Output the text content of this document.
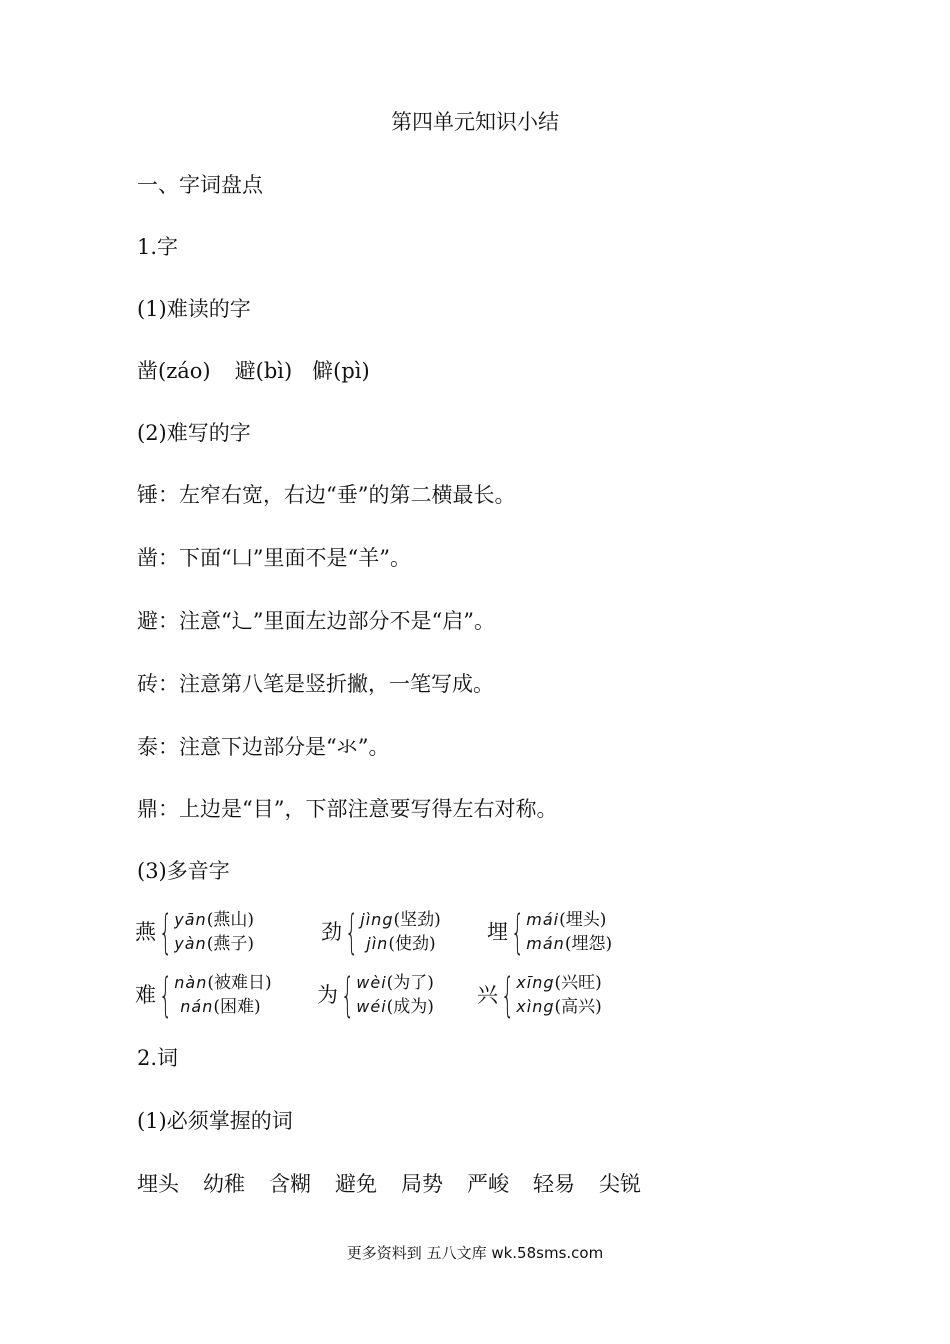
第四单元知识小结
一、字词盘点
1.字
(1)难读的字
凿(záo) 避(bì) 僻(pì)
(2)难写的字
锤：左窄右宽，右边“垂”的第二横最长。
凿：下面“凵”里面不是“羊”。
避：注意“辶”里面左边部分不是“启”。
砖：注意第八笔是竖折撇，一笔写成。
泰：注意下边部分是“氺”。
鼎：上边是“目”，下部注意要写得左右对称。
(3)多音字
燕 { yān(燕山)
yàn(燕子)	劲 { jìng(坚劲)
jìn(使劲) 埋 { mái(埋头)
mán(埋怨)
难 { nàn(被难日)
nán(困难)	为 { wèi(为了)
wéi(成为) 兴 { xīng(兴旺)
xìng(高兴)
2.词
(1)必须掌握的词
埋头 幼稚 含糊 避免 局势 严峻 轻易 尖锐
更多资料到 五八文库 wk.58sms.com
